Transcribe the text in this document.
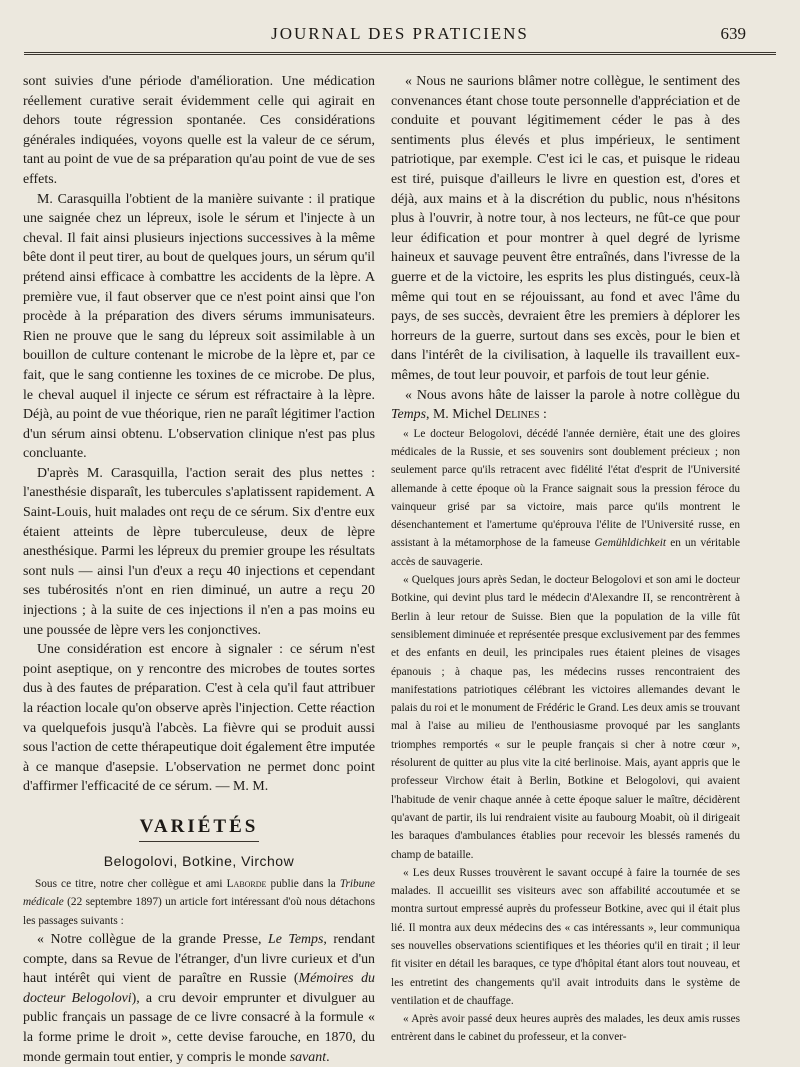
JOURNAL DES PRATICIENS	639

sont suivies d'une période d'amélioration. Une médication réellement curative serait évidemment celle qui agirait en dehors toute régression spontanée. Ces considérations générales indiquées, voyons quelle est la valeur de ce sérum, tant au point de vue de sa préparation qu'au point de vue de ses effets.

M. Carasquilla l'obtient de la manière suivante : il pratique une saignée chez un lépreux, isole le sérum et l'injecte à un cheval. Il fait ainsi plusieurs injections successives à la même bête dont il peut tirer, au bout de quelques jours, un sérum qu'il prétend ainsi efficace à combattre les accidents de la lèpre. A première vue, il faut observer que ce n'est point ainsi que l'on procède à la préparation des divers sérums immunisateurs. Rien ne prouve que le sang du lépreux soit assimilable à un bouillon de culture contenant le microbe de la lèpre et, par ce fait, que le sang contienne les toxines de ce microbe. De plus, le cheval auquel il injecte ce sérum est réfractaire à la lèpre. Déjà, au point de vue théorique, rien ne paraît légitimer l'action d'un sérum ainsi obtenu. L'observation clinique n'est pas plus concluante.

D'après M. Carasquilla, l'action serait des plus nettes : l'anesthésie disparaît, les tubercules s'aplatissent rapidement. A Saint-Louis, huit malades ont reçu de ce sérum. Six d'entre eux étaient atteints de lèpre tuberculeuse, deux de lèpre anesthésique. Parmi les lépreux du premier groupe les résultats sont nuls — ainsi l'un d'eux a reçu 40 injections et cependant ses tubérosités n'ont en rien diminué, un autre a reçu 20 injections ; à la suite de ces injections il n'en a pas moins eu une poussée de lèpre vers les conjonctives.

Une considération est encore à signaler : ce sérum n'est point aseptique, on y rencontre des microbes de toutes sortes dus à des fautes de préparation. C'est à cela qu'il faut attribuer la réaction locale qu'on observe après l'injection. Cette réaction va quelquefois jusqu'à l'abcès. La fièvre qui se produit aussi sous l'action de cette thérapeutique doit également être imputée à ce manque d'asepsie. L'observation ne permet donc point d'affirmer l'efficacité de ce sérum. — M. M.

VARIÉTÉS
Belogolovi, Botkine, Virchow

Sous ce titre, notre cher collègue et ami Laborde publie dans la Tribune médicale (22 septembre 1897) un article fort intéressant d'où nous détachons les passages suivants :

« Notre collègue de la grande Presse, Le Temps, rendant compte, dans sa Revue de l'étranger, d'un livre curieux et d'un haut intérêt qui vient de paraître en Russie (Mémoires du docteur Belogolovi), a cru devoir emprunter et divulguer au public français un passage de ce livre consacré à la formule « la forme prime le droit », cette devise farouche, en 1870, du monde germain tout entier, y compris le monde savant.

« Nous ne saurions blâmer notre collègue, le sentiment des convenances étant chose toute personnelle d'appréciation et de conduite et pouvant légitimement céder le pas à des sentiments plus élevés et plus impérieux, le sentiment patriotique, par exemple. C'est ici le cas, et puisque le rideau est tiré, puisque d'ailleurs le livre en question est, d'ores et déjà, aux mains et à la discrétion du public, nous n'hésitons plus à l'ouvrir, à notre tour, à nos lecteurs, ne fût-ce que pour leur édification et pour montrer à quel degré de lyrisme haineux et sauvage peuvent être entraînés, dans l'ivresse de la guerre et de la victoire, les esprits les plus distingués, ceux-là même qui tout en se réjouissant, au fond et avec l'âme du pays, de ses succès, devraient être les premiers à déplorer les horreurs de la guerre, surtout dans ses excès, pour le bien et dans l'intérêt de la civilisation, à laquelle ils travaillent eux-mêmes, de tout leur pouvoir, et parfois de tout leur génie.

« Nous avons hâte de laisser la parole à notre collègue du Temps, M. Michel Delines :

« Le docteur Belogolovi, décédé l'année dernière, était une des gloires médicales de la Russie, et ses souvenirs sont doublement précieux ; non seulement parce qu'ils retracent avec fidélité l'état d'esprit de l'Université allemande à cette époque où la France saignait sous la pression féroce du vainqueur grisé par sa victoire, mais parce qu'ils montrent le désenchantement et l'amertume qu'éprouva l'élite de l'Université russe, en assistant à la métamorphose de la fameuse Gemühldichkeit en un véritable accès de sauvagerie.

« Quelques jours après Sedan, le docteur Belogolovi et son ami le docteur Botkine, qui devint plus tard le médecin d'Alexandre II, se rencontrèrent à Berlin à leur retour de Suisse. Bien que la population de la ville fût sensiblement diminuée et représentée presque exclusivement par des femmes et des enfants en deuil, les principales rues étaient pleines de visages épanouis ; à chaque pas, les médecins russes rencontraient des manifestations patriotiques célébrant les victoires allemandes devant le palais du roi et le monument de Frédéric le Grand. Les deux amis se trouvant mal à l'aise au milieu de l'enthousiasme provoqué par les sanglants triomphes remportés « sur le peuple français si cher à notre cœur », résolurent de quitter au plus vite la cité berlinoise. Mais, ayant appris que le professeur Virchow était à Berlin, Botkine et Belogolovi, qui avaient l'habitude de venir chaque année à cette époque saluer le maître, décidèrent qu'avant de partir, ils lui rendraient visite au faubourg Moabit, où il dirigeait les baraques d'ambulances établies pour recevoir les blessés ramenés du champ de bataille.

« Les deux Russes trouvèrent le savant occupé à faire la tournée de ses malades. Il accueillit ses visiteurs avec son affabilité accoutumée et se montra surtout empressé auprès du professeur Botkine, avec qui il était plus lié. Il montra aux deux médecins des « cas intéressants », leur communiqua ses nouvelles observations scientifiques et les théories qu'il en tirait ; il leur fit visiter en détail les baraques, ce type d'hôpital étant alors tout nouveau, et les entretint des changements qu'il avait introduits dans le système de ventilation et de chauffage.

« Après avoir passé deux heures auprès des malades, les deux amis russes entrèrent dans le cabinet du professeur, et la conver-
